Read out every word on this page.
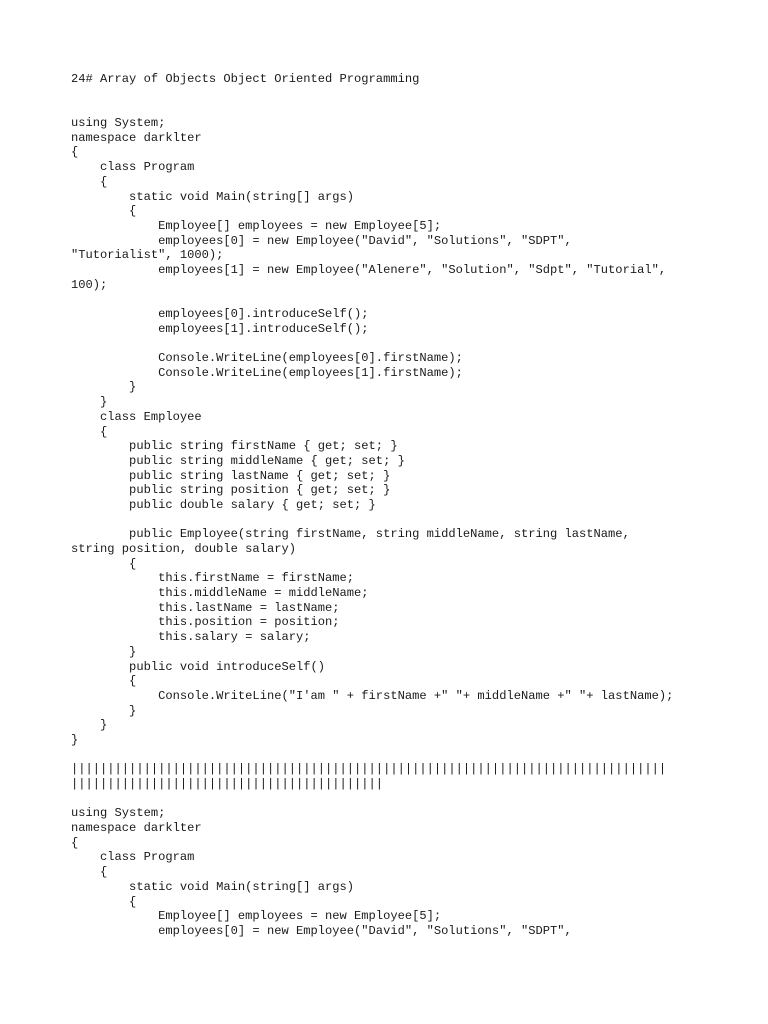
24# Array of Objects Object Oriented Programming
using System;
namespace darklter
{
class Program
{
static void Main(string[] args)
{
Employee[] employees = new Employee[5];
employees[0] = new Employee("David", "Solutions", "SDPT",
"Tutorialist", 1000);
employees[1] = new Employee("Alenere", "Solution", "Sdpt", "Tutorial",
100);
employees[0].introduceSelf();
employees[1].introduceSelf();
Console.WriteLine(employees[0].firstName);
Console.WriteLine(employees[1].firstName);
}
}
class Employee
{
public string firstName { get; set; }
public string middleName { get; set; }
public string lastName { get; set; }
public string position { get; set; }
public double salary { get; set; }
public Employee(string firstName, string middleName, string lastName,
string position, double salary)
{
this.firstName = firstName;
this.middleName = middleName;
this.lastName = lastName;
this.position = position;
this.salary = salary;
}
public void introduceSelf()
{
Console.WriteLine("I'am " + firstName +" "+ middleName +" "+ lastName);
}
}
}
||||||||||||||||||||||||||||||||||||||||||||||||||||||||||||||||||||||||||||||||||
|||||||||||||||||||||||||||||||||||||||||||
using System;
namespace darklter
{
class Program
{
static void Main(string[] args)
{
Employee[] employees = new Employee[5];
employees[0] = new Employee("David", "Solutions", "SDPT",
